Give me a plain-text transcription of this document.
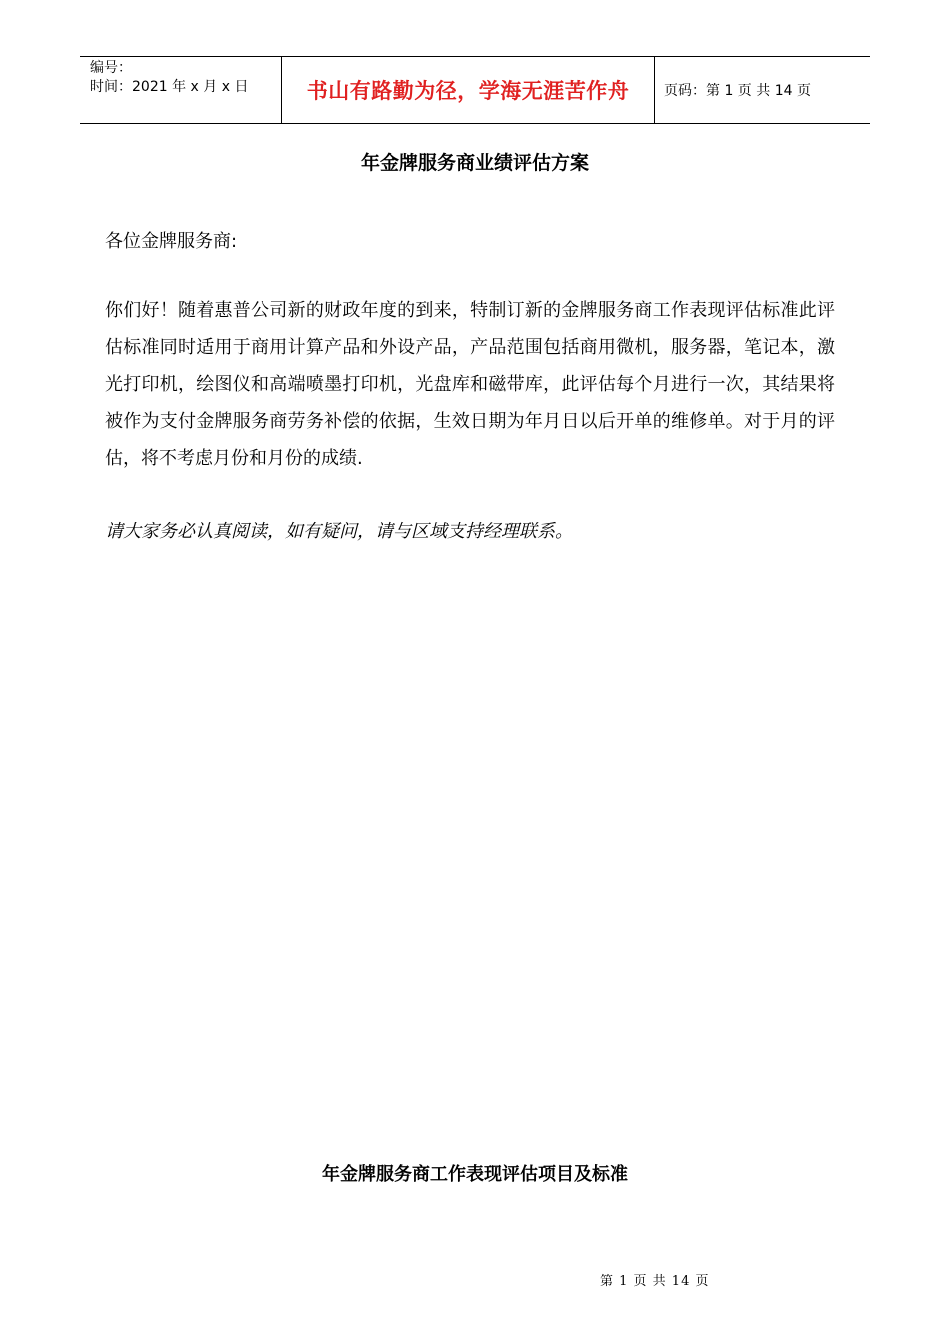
编号：
时间：2021 年 x 月 x 日	书山有路勤为径，学海无涯苦作舟	页码：第 1 页 共 14 页
年金牌服务商业绩评估方案
各位金牌服务商:
你们好！随着惠普公司新的财政年度的到来，特制订新的金牌服务商工作表现评估标准此评估标准同时适用于商用计算产品和外设产品，产品范围包括商用微机，服务器，笔记本，激光打印机，绘图仪和高端喷墨打印机，光盘库和磁带库，此评估每个月进行一次，其结果将被作为支付金牌服务商劳务补偿的依据，生效日期为年月日以后开单的维修单。对于月的评估，将不考虑月份和月份的成绩.
请大家务必认真阅读，如有疑问，请与区域支持经理联系。
年金牌服务商工作表现评估项目及标准
第 1 页 共 14 页
